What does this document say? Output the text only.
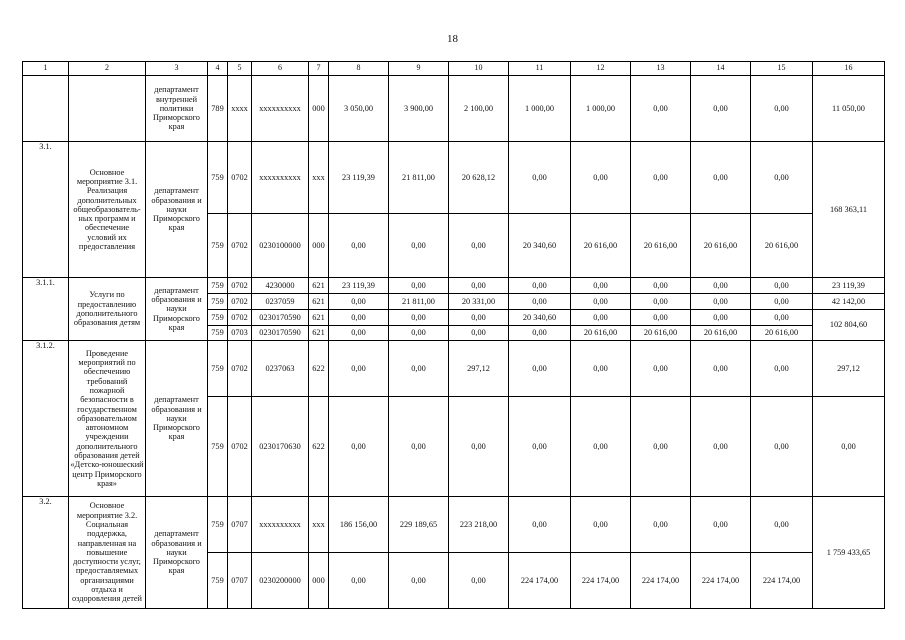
18
1	2	3	4	5	6	7	8	9	10	11	12	13	14	15	16
		департамент внутренней политики Приморского края	789	xxxx	xxxxxxxxxx	000	3 050,00	3 900,00	2 100,00	1 000,00	1 000,00	0,00	0,00	0,00	11 050,00
3.1.	Основное мероприятие 3.1. Реализация дополнительных общеобразователь-ных программ и обеспечение условий их предоставления	департамент образования и науки Приморского края	759	0702	xxxxxxxxxx	xxx	23 119,39	21 811,00	20 628,12	0,00	0,00	0,00	0,00	0,00	168 363,11
			759	0702	0230100000	000	0,00	0,00	0,00	20 340,60	20 616,00	20 616,00	20 616,00	20 616,00	
3.1.1.	Услуги по предоставлению дополнительного образования детям	департамент образования и науки Приморского края	759	0702	4230000	621	23 119,39	0,00	0,00	0,00	0,00	0,00	0,00	0,00	23 119,39
			759	0702	0237059	621	0,00	21 811,00	20 331,00	0,00	0,00	0,00	0,00	0,00	42 142,00
			759	0702	0230170590	621	0,00	0,00	0,00	20 340,60	0,00	0,00	0,00	0,00	102 804,60
			759	0703	0230170590	621	0,00	0,00	0,00	0,00	20 616,00	20 616,00	20 616,00	20 616,00	
3.1.2.	Проведение мероприятий по обеспечению требований пожарной безопасности в государственном образовательном автономном учреждении дополнительного образования детей «Детско-юношеский центр Приморского края»	департамент образования и науки Приморского края	759	0702	0237063	622	0,00	0,00	297,12	0,00	0,00	0,00	0,00	0,00	297,12
			759	0702	0230170630	622	0,00	0,00	0,00	0,00	0,00	0,00	0,00	0,00	0,00
3.2.	Основное мероприятие 3.2. Социальная поддержка, направленная на повышение доступности услуг, предоставляемых организациями отдыха и оздоровления детей	департамент образования и науки Приморского края	759	0707	xxxxxxxxxx	xxx	186 156,00	229 189,65	223 218,00	0,00	0,00	0,00	0,00	0,00	1 759 433,65
			759	0707	0230200000	000	0,00	0,00	0,00	224 174,00	224 174,00	224 174,00	224 174,00	224 174,00	
